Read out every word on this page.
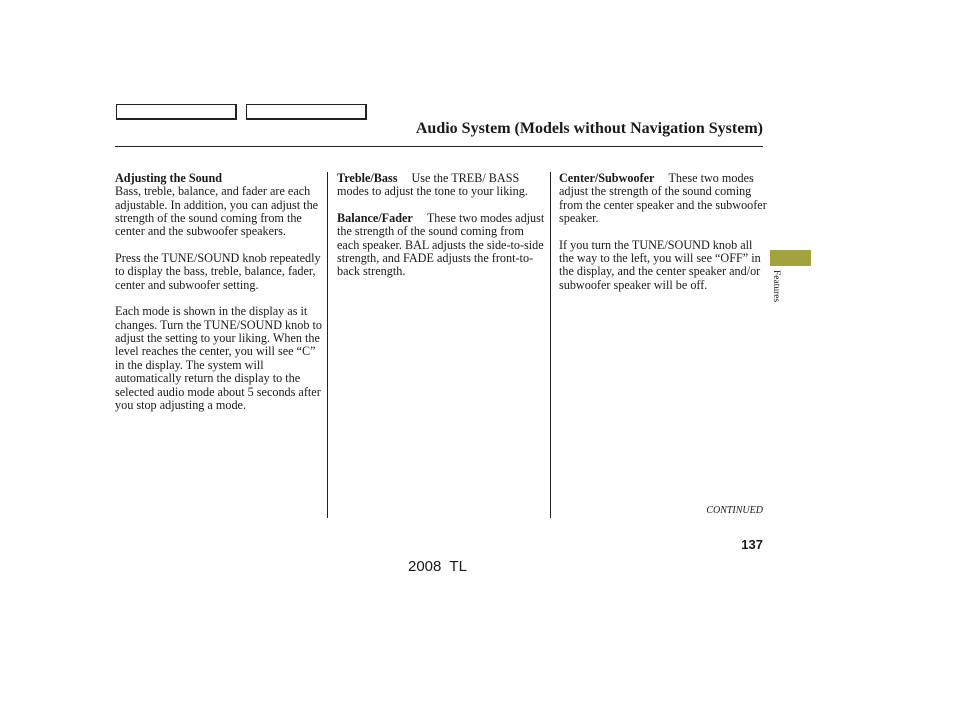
Audio System (Models without Navigation System)
Adjusting the Sound

Bass, treble, balance, and fader are each adjustable. In addition, you can adjust the strength of the sound coming from the center and the subwoofer speakers.

Press the TUNE/SOUND knob repeatedly to display the bass, treble, balance, fader, center and subwoofer setting.

Each mode is shown in the display as it changes. Turn the TUNE/SOUND knob to adjust the setting to your liking. When the level reaches the center, you will see “C” in the display. The system will automatically return the display to the selected audio mode about 5 seconds after you stop adjusting a mode.

Treble/Bass Use the TREB/ BASS modes to adjust the tone to your liking.

Balance/Fader These two modes adjust the strength of the sound coming from each speaker. BAL adjusts the side-to-side strength, and FADE adjusts the front-to-back strength.

Center/Subwoofer These two modes adjust the strength of the sound coming from the center speaker and the subwoofer speaker.

If you turn the TUNE/SOUND knob all the way to the left, you will see “OFF” in the display, and the center speaker and/or subwoofer speaker will be off.

CONTINUED
137
2008  TL
Features
